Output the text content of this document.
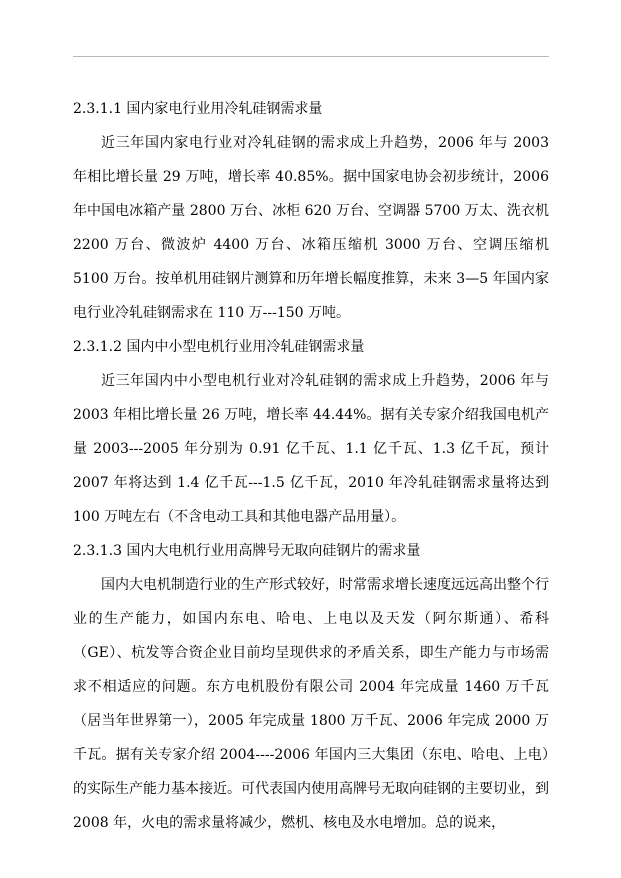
2.3.1.1 国内家电行业用冷轧硅钢需求量
近三年国内家电行业对冷轧硅钢的需求成上升趋势，2006 年与 2003 年相比增长量 29 万吨，增长率 40.85%。据中国家电协会初步统计，2006 年中国电冰箱产量 2800 万台、冰柜 620 万台、空调器 5700 万太、洗衣机 2200 万台、微波炉 4400 万台、冰箱压缩机 3000 万台、空调压缩机 5100 万台。按单机用硅钢片测算和历年增长幅度推算，未来 3—5 年国内家电行业冷轧硅钢需求在 110 万---150 万吨。
2.3.1.2 国内中小型电机行业用冷轧硅钢需求量
近三年国内中小型电机行业对冷轧硅钢的需求成上升趋势，2006 年与 2003 年相比增长量 26 万吨，增长率 44.44%。据有关专家介绍我国电机产量 2003---2005 年分别为 0.91 亿千瓦、1.1 亿千瓦、1.3 亿千瓦，预计 2007 年将达到 1.4 亿千瓦---1.5 亿千瓦，2010 年冷轧硅钢需求量将达到 100 万吨左右（不含电动工具和其他电器产品用量）。
2.3.1.3 国内大电机行业用高牌号无取向硅钢片的需求量
国内大电机制造行业的生产形式较好，时常需求增长速度远远高出整个行业的生产能力，如国内东电、哈电、上电以及天发（阿尔斯通）、希科（GE）、杭发等合资企业目前均呈现供求的矛盾关系，即生产能力与市场需求不相适应的问题。东方电机股份有限公司 2004 年完成量 1460 万千瓦（居当年世界第一），2005 年完成量 1800 万千瓦、2006 年完成 2000 万千瓦。据有关专家介绍 2004----2006 年国内三大集团（东电、哈电、上电）的实际生产能力基本接近。可代表国内使用高牌号无取向硅钢的主要切业，到 2008 年，火电的需求量将减少，燃机、核电及水电增加。总的说来，
